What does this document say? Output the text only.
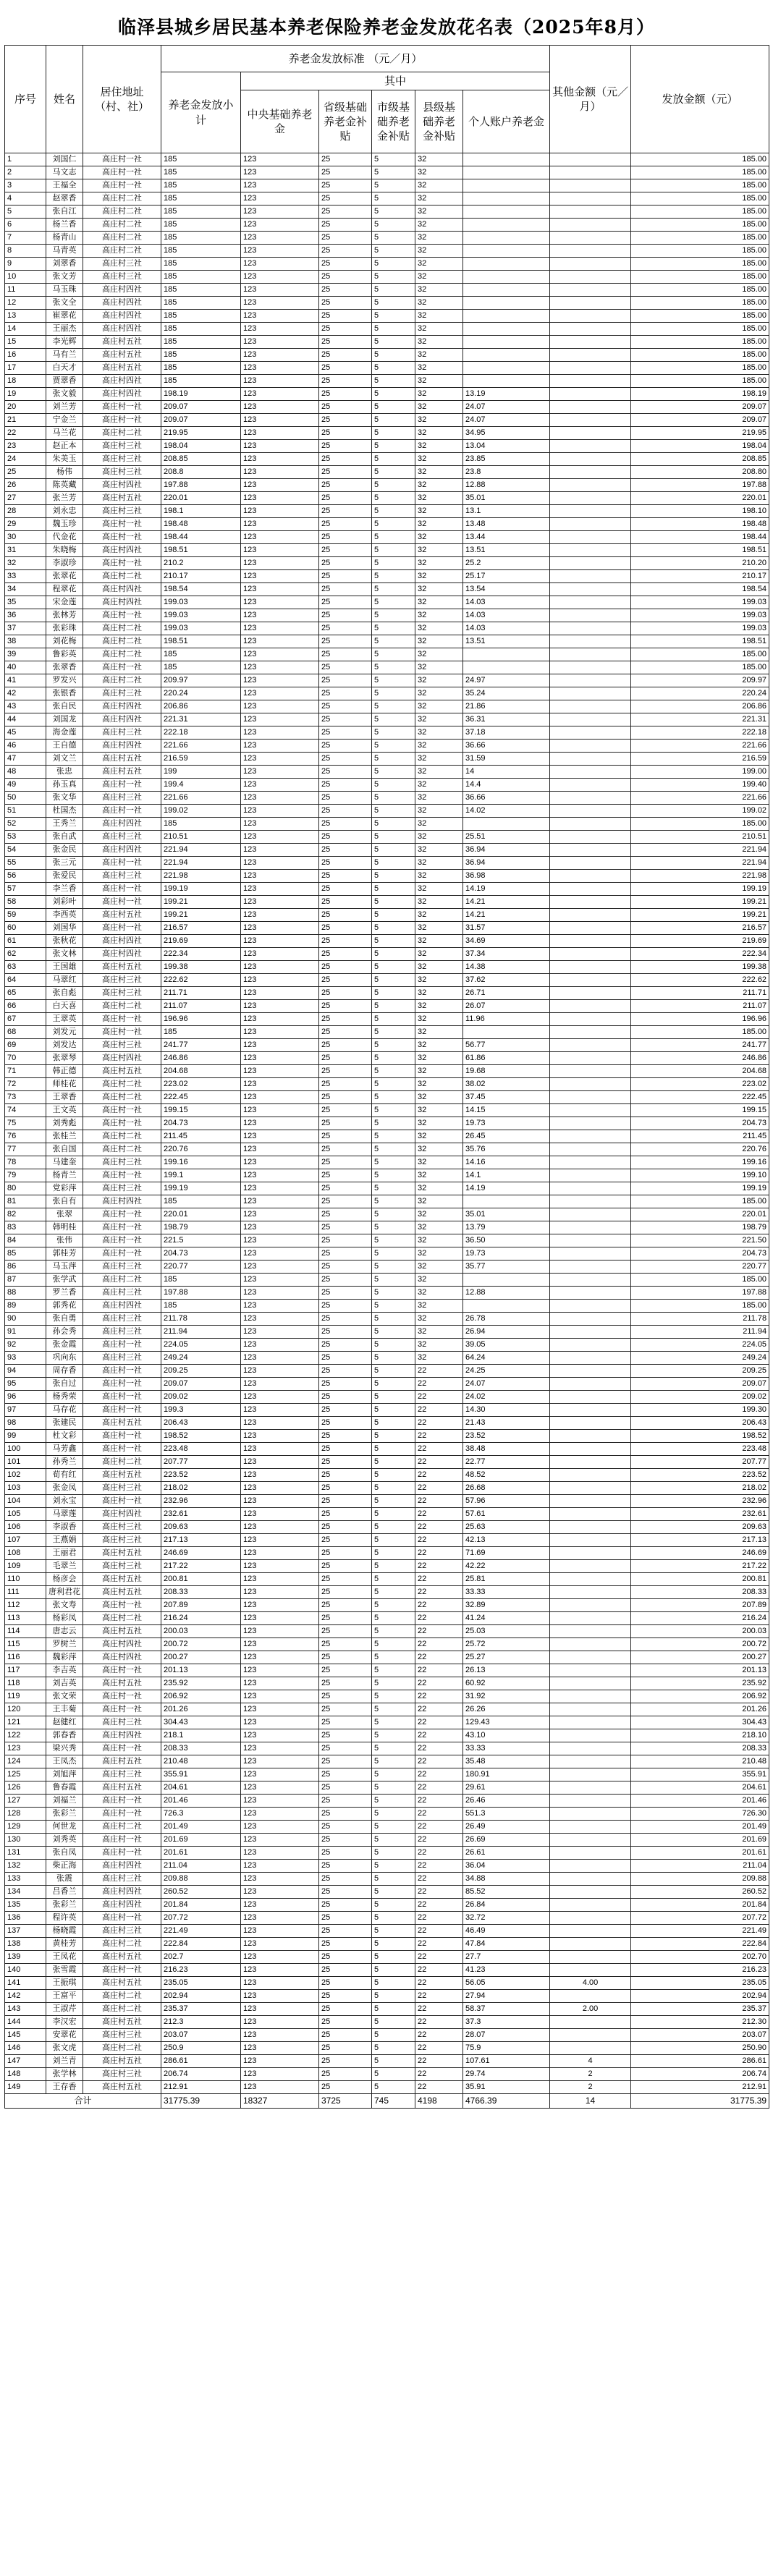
临泽县城乡居民基本养老保险养老金发放花名表（2025年8月）
序号	姓名	居住地址（村、社）	养老金发放标准 （元／月）						其他金额（元／月）	发放金额（元）
			养老金发放小计	其中						
				中央基础养老金	省级基础养老金补贴	市级基础养老金补贴	县级基础养老金补贴	个人账户养老金		
1	刘国仁	高庄村一社	185	123	25	5	32			185.00
2	马文志	高庄村一社	185	123	25	5	32			185.00
3	王福全	高庄村一社	185	123	25	5	32			185.00
4	赵翠香	高庄村二社	185	123	25	5	32			185.00
5	张自江	高庄村二社	185	123	25	5	32			185.00
6	杨兰香	高庄村二社	185	123	25	5	32			185.00
7	杨青山	高庄村二社	185	123	25	5	32			185.00
8	马青英	高庄村二社	185	123	25	5	32			185.00
9	刘翠香	高庄村三社	185	123	25	5	32			185.00
10	张文芳	高庄村三社	185	123	25	5	32			185.00
11	马玉珠	高庄村四社	185	123	25	5	32			185.00
12	张文全	高庄村四社	185	123	25	5	32			185.00
13	崔翠花	高庄村四社	185	123	25	5	32			185.00
14	王丽杰	高庄村四社	185	123	25	5	32			185.00
15	李光辉	高庄村五社	185	123	25	5	32			185.00
16	马有兰	高庄村五社	185	123	25	5	32			185.00
17	白天才	高庄村五社	185	123	25	5	32			185.00
18	贾翠香	高庄村四社	185	123	25	5	32			185.00
19	张文毅	高庄村四社	198.19	123	25	5	32	13.19		198.19
20	刘兰芳	高庄村一社	209.07	123	25	5	32	24.07		209.07
21	宁金兰	高庄村一社	209.07	123	25	5	32	24.07		209.07
22	马兰花	高庄村二社	219.95	123	25	5	32	34.95		219.95
23	赵正本	高庄村三社	198.04	123	25	5	32	13.04		198.04
24	朱美玉	高庄村三社	208.85	123	25	5	32	23.85		208.85
25	杨伟	高庄村三社	208.8	123	25	5	32	23.8		208.80
26	陈英藏	高庄村四社	197.88	123	25	5	32	12.88		197.88
27	张兰芳	高庄村五社	220.01	123	25	5	32	35.01		220.01
28	刘永忠	高庄村三社	198.1	123	25	5	32	13.1		198.10
29	魏玉珍	高庄村一社	198.48	123	25	5	32	13.48		198.48
30	代金花	高庄村一社	198.44	123	25	5	32	13.44		198.44
31	朱晓梅	高庄村四社	198.51	123	25	5	32	13.51		198.51
32	李淑珍	高庄村一社	210.2	123	25	5	32	25.2		210.20
33	张翠花	高庄村二社	210.17	123	25	5	32	25.17		210.17
34	程翠花	高庄村四社	198.54	123	25	5	32	13.54		198.54
35	宋金莲	高庄村四社	199.03	123	25	5	32	14.03		199.03
36	张林芳	高庄村一社	199.03	123	25	5	32	14.03		199.03
37	张彩珠	高庄村二社	199.03	123	25	5	32	14.03		199.03
38	刘花梅	高庄村二社	198.51	123	25	5	32	13.51		198.51
39	鲁彩英	高庄村二社	185	123	25	5	32			185.00
40	张翠香	高庄村一社	185	123	25	5	32			185.00
41	罗发兴	高庄村二社	209.97	123	25	5	32	24.97		209.97
42	张银香	高庄村三社	220.24	123	25	5	32	35.24		220.24
43	张自民	高庄村四社	206.86	123	25	5	32	21.86		206.86
44	刘国龙	高庄村四社	221.31	123	25	5	32	36.31		221.31
45	海金莲	高庄村三社	222.18	123	25	5	32	37.18		222.18
46	王自德	高庄村四社	221.66	123	25	5	32	36.66		221.66
47	刘文兰	高庄村五社	216.59	123	25	5	32	31.59		216.59
48	张忠	高庄村五社	199	123	25	5	32	14		199.00
49	孙玉真	高庄村一社	199.4	123	25	5	32	14.4		199.40
50	张文华	高庄村三社	221.66	123	25	5	32	36.66		221.66
51	杜国杰	高庄村一社	199.02	123	25	5	32	14.02		199.02
52	王秀兰	高庄村四社	185	123	25	5	32			185.00
53	张自武	高庄村三社	210.51	123	25	5	32	25.51		210.51
54	张金民	高庄村四社	221.94	123	25	5	32	36.94		221.94
55	张三元	高庄村一社	221.94	123	25	5	32	36.94		221.94
56	张爱民	高庄村三社	221.98	123	25	5	32	36.98		221.98
57	李兰香	高庄村一社	199.19	123	25	5	32	14.19		199.19
58	刘彩叶	高庄村一社	199.21	123	25	5	32	14.21		199.21
59	李西英	高庄村五社	199.21	123	25	5	32	14.21		199.21
60	刘国华	高庄村一社	216.57	123	25	5	32	31.57		216.57
61	张秋花	高庄村四社	219.69	123	25	5	32	34.69		219.69
62	张文林	高庄村四社	222.34	123	25	5	32	37.34		222.34
63	王国雄	高庄村五社	199.38	123	25	5	32	14.38		199.38
64	马翠红	高庄村三社	222.62	123	25	5	32	37.62		222.62
65	张自彪	高庄村三社	211.71	123	25	5	32	26.71		211.71
66	白天喜	高庄村二社	211.07	123	25	5	32	26.07		211.07
67	王翠英	高庄村一社	196.96	123	25	5	32	11.96		196.96
68	刘发元	高庄村一社	185	123	25	5	32			185.00
69	刘发达	高庄村三社	241.77	123	25	5	32	56.77		241.77
70	张翠琴	高庄村四社	246.86	123	25	5	32	61.86		246.86
71	韩正德	高庄村五社	204.68	123	25	5	32	19.68		204.68
72	师桂花	高庄村二社	223.02	123	25	5	32	38.02		223.02
73	王翠香	高庄村二社	222.45	123	25	5	32	37.45		222.45
74	王文英	高庄村一社	199.15	123	25	5	32	14.15		199.15
75	刘秀彪	高庄村一社	204.73	123	25	5	32	19.73		204.73
76	张桂兰	高庄村二社	211.45	123	25	5	32	26.45		211.45
77	张自国	高庄村二社	220.76	123	25	5	32	35.76		220.76
78	马建奎	高庄村三社	199.16	123	25	5	32	14.16		199.16
79	杨青兰	高庄村一社	199.1	123	25	5	32	14.1		199.10
80	党彩萍	高庄村三社	199.19	123	25	5	32	14.19		199.19
81	张自有	高庄村四社	185	123	25	5	32			185.00
82	张翠	高庄村一社	220.01	123	25	5	32	35.01		220.01
83	韩明桂	高庄村一社	198.79	123	25	5	32	13.79		198.79
84	张伟	高庄村一社	221.5	123	25	5	32	36.50		221.50
85	郭桂芳	高庄村一社	204.73	123	25	5	32	19.73		204.73
86	马玉萍	高庄村三社	220.77	123	25	5	32	35.77		220.77
87	张学武	高庄村二社	185	123	25	5	32			185.00
88	罗兰香	高庄村三社	197.88	123	25	5	32	12.88		197.88
89	郭秀花	高庄村四社	185	123	25	5	32			185.00
90	张自勇	高庄村三社	211.78	123	25	5	32	26.78		211.78
91	孙会秀	高庄村三社	211.94	123	25	5	32	26.94		211.94
92	张金霞	高庄村一社	224.05	123	25	5	32	39.05		224.05
93	巩向东	高庄村三社	249.24	123	25	5	32	64.24		249.24
94	周存香	高庄村一社	209.25	123	25	5	22	24.25		209.25
95	张自过	高庄村一社	209.07	123	25	5	22	24.07		209.07
96	杨秀荣	高庄村一社	209.02	123	25	5	22	24.02		209.02
97	马存花	高庄村一社	199.3	123	25	5	22	14.30		199.30
98	张建民	高庄村五社	206.43	123	25	5	22	21.43		206.43
99	杜文彩	高庄村一社	198.52	123	25	5	22	23.52		198.52
100	马芳鑫	高庄村一社	223.48	123	25	5	22	38.48		223.48
101	孙秀兰	高庄村二社	207.77	123	25	5	22	22.77		207.77
102	荀有红	高庄村五社	223.52	123	25	5	22	48.52		223.52
103	张金凤	高庄村三社	218.02	123	25	5	22	26.68		218.02
104	刘永宝	高庄村一社	232.96	123	25	5	22	57.96		232.96
105	马翠莲	高庄村四社	232.61	123	25	5	22	57.61		232.61
106	李淑香	高庄村三社	209.63	123	25	5	22	25.63		209.63
107	王燕娟	高庄村三社	217.13	123	25	5	22	42.13		217.13
108	王丽君	高庄村五社	246.69	123	25	5	22	71.69		246.69
109	毛翠兰	高庄村三社	217.22	123	25	5	22	42.22		217.22
110	杨彦会	高庄村五社	200.81	123	25	5	22	25.81		200.81
111	唐利君花	高庄村五社	208.33	123	25	5	22	33.33		208.33
112	张文寿	高庄村一社	207.89	123	25	5	22	32.89		207.89
113	杨彩凤	高庄村二社	216.24	123	25	5	22	41.24		216.24
114	唐志云	高庄村五社	200.03	123	25	5	22	25.03		200.03
115	罗树兰	高庄村四社	200.72	123	25	5	22	25.72		200.72
116	魏彩萍	高庄村四社	200.27	123	25	5	22	25.27		200.27
117	李吉英	高庄村一社	201.13	123	25	5	22	26.13		201.13
118	刘吉英	高庄村五社	235.92	123	25	5	22	60.92		235.92
119	张文荣	高庄村一社	206.92	123	25	5	22	31.92		206.92
120	王丰菊	高庄村一社	201.26	123	25	5	22	26.26		201.26
121	赵健红	高庄村三社	304.43	123	25	5	22	129.43		304.43
122	郭春香	高庄村四社	218.1	123	25	5	22	43.10		218.10
123	梁兴秀	高庄村一社	208.33	123	25	5	22	33.33		208.33
124	王凤杰	高庄村五社	210.48	123	25	5	22	35.48		210.48
125	刘旭萍	高庄村三社	355.91	123	25	5	22	180.91		355.91
126	鲁春霞	高庄村五社	204.61	123	25	5	22	29.61		204.61
127	刘福兰	高庄村一社	201.46	123	25	5	22	26.46		201.46
128	张彩兰	高庄村一社	726.3	123	25	5	22	551.3		726.30
129	何世龙	高庄村二社	201.49	123	25	5	22	26.49		201.49
130	刘秀英	高庄村一社	201.69	123	25	5	22	26.69		201.69
131	张自凤	高庄村一社	201.61	123	25	5	22	26.61		201.61
132	柴正海	高庄村四社	211.04	123	25	5	22	36.04		211.04
133	张震	高庄村三社	209.88	123	25	5	22	34.88		209.88
134	吕香兰	高庄村四社	260.52	123	25	5	22	85.52		260.52
135	张彩兰	高庄村四社	201.84	123	25	5	22	26.84		201.84
136	程许英	高庄村一社	207.72	123	25	5	22	32.72		207.72
137	杨晓霞	高庄村三社	221.49	123	25	5	22	46.49		221.49
138	黄桂芳	高庄村二社	222.84	123	25	5	22	47.84		222.84
139	王凤花	高庄村五社	202.7	123	25	5	22	27.7		202.70
140	张雪霞	高庄村一社	216.23	123	25	5	22	41.23		216.23
141	王振琪	高庄村五社	235.05	123	25	5	22	56.05	4.00	235.05
142	王富平	高庄村二社	202.94	123	25	5	22	27.94		202.94
143	王淑芹	高庄村二社	235.37	123	25	5	22	58.37	2.00	235.37
144	李汉宏	高庄村五社	212.3	123	25	5	22	37.3		212.30
145	安翠花	高庄村三社	203.07	123	25	5	22	28.07		203.07
146	张文虎	高庄村二社	250.9	123	25	5	22	75.9		250.90
147	刘兰青	高庄村五社	286.61	123	25	5	22	107.61	4	286.61
148	张学林	高庄村三社	206.74	123	25	5	22	29.74	2	206.74
149	王存香	高庄村五社	212.91	123	25	5	22	35.91	2	212.91
合计			31775.39	18327	3725	745	4198	4766.39	14	31775.39
